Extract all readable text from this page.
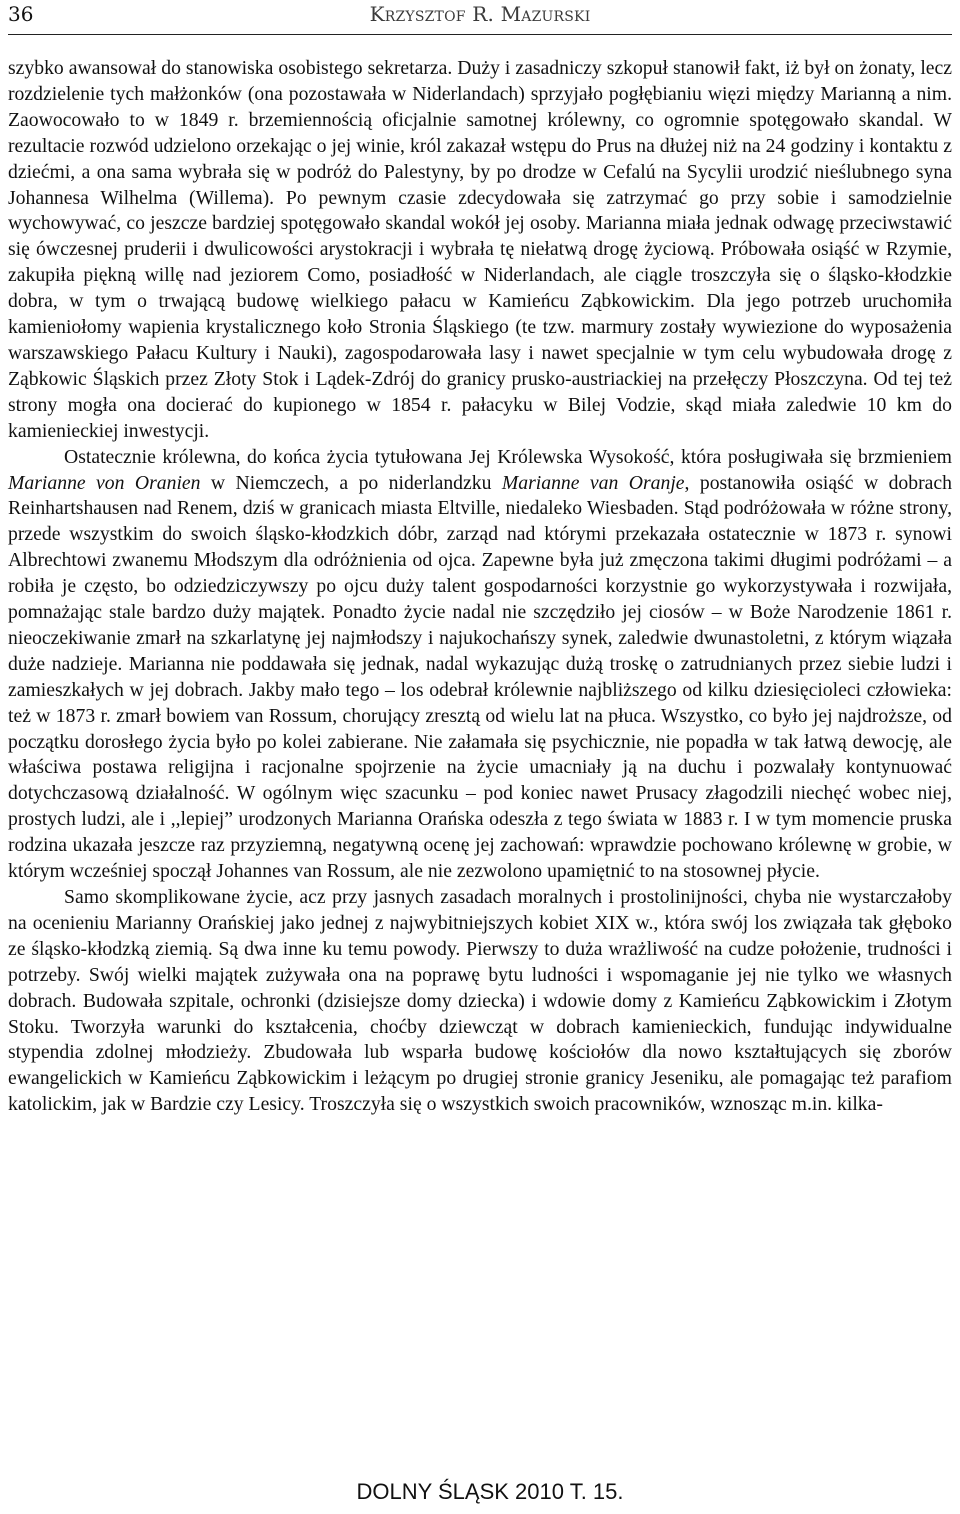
36	Krzysztof R. Mazurski

szybko awansował do stanowiska osobistego sekretarza. Duży i zasadniczy szkopuł stanowił fakt, iż był on żonaty, lecz rozdzielenie tych małżonków (ona pozostawała w Niderlandach) sprzyjało pogłębianiu więzi między Marianną a nim. Zaowocowało to w 1849 r. brzemiennością oficjalnie samotnej królewny, co ogromnie spotęgowało skandal. W rezultacie rozwód udzielono orzekając o jej winie, król zakazał wstępu do Prus na dłużej niż na 24 godziny i kontaktu z dziećmi, a ona sama wybrała się w podróż do Palestyny, by po drodze w Cefalú na Sycylii urodzić nieślubnego syna Johannesa Wilhelma (Willema). Po pewnym czasie zdecydowała się zatrzymać go przy sobie i samodzielnie wychowywać, co jeszcze bardziej spotęgowało skandal wokół jej osoby. Marianna miała jednak odwagę przeciwstawić się ówczesnej pruderii i dwulicowości arystokracji i wybrała tę niełatwą drogę życiową. Próbowała osiąść w Rzymie, zakupiła piękną willę nad jeziorem Como, posiadłość w Niderlandach, ale ciągle troszczyła się o śląsko-kłodzkie dobra, w tym o trwającą budowę wielkiego pałacu w Kamieńcu Ząbkowickim. Dla jego potrzeb uruchomiła kamieniołomy wapienia krystalicznego koło Stronia Śląskiego (te tzw. marmury zostały wywiezione do wyposażenia warszawskiego Pałacu Kultury i Nauki), zagospodarowała lasy i nawet specjalnie w tym celu wybudowała drogę z Ząbkowic Śląskich przez Złoty Stok i Lądek-Zdrój do granicy prusko-austriackiej na przełęczy Płoszczyna. Od tej też strony mogła ona docierać do kupionego w 1854 r. pałacyku w Bilej Vodzie, skąd miała zaledwie 10 km do kamienieckiej inwestycji.

Ostatecznie królewna, do końca życia tytułowana Jej Królewska Wysokość, która posługiwała się brzmieniem Marianne von Oranien w Niemczech, a po niderlandzku Marianne van Oranje, postanowiła osiąść w dobrach Reinhartshausen nad Renem, dziś w granicach miasta Eltville, niedaleko Wiesbaden. Stąd podróżowała w różne strony, przede wszystkim do swoich śląsko-kłodzkich dóbr, zarząd nad którymi przekazała ostatecznie w 1873 r. synowi Albrechtowi zwanemu Młodszym dla odróżnienia od ojca. Zapewne była już zmęczona takimi długimi podróżami – a robiła je często, bo odziedziczywszy po ojcu duży talent gospodarności korzystnie go wykorzystywała i rozwijała, pomnażając stale bardzo duży majątek. Ponadto życie nadal nie szczędziło jej ciosów – w Boże Narodzenie 1861 r. nieoczekiwanie zmarł na szkarlatynę jej najmłodszy i najukochańszy synek, zaledwie dwunastoletni, z którym wiązała duże nadzieje. Marianna nie poddawała się jednak, nadal wykazując dużą troskę o zatrudnianych przez siebie ludzi i zamieszkałych w jej dobrach. Jakby mało tego – los odebrał królewnie najbliższego od kilku dziesięcioleci człowieka: też w 1873 r. zmarł bowiem van Rossum, chorujący zresztą od wielu lat na płuca. Wszystko, co było jej najdroższe, od początku dorosłego życia było po kolei zabierane. Nie załamała się psychicznie, nie popadła w tak łatwą dewocję, ale właściwa postawa religijna i racjonalne spojrzenie na życie umacniały ją na duchu i pozwalały kontynuować dotychczasową działalność. W ogólnym więc szacunku – pod koniec nawet Prusacy złagodzili niechęć wobec niej, prostych ludzi, ale i ,,lepiej” urodzonych Marianna Orańska odeszła z tego świata w 1883 r. I w tym momencie pruska rodzina ukazała jeszcze raz przyziemną, negatywną ocenę jej zachowań: wprawdzie pochowano królewnę w grobie, w którym wcześniej spoczął Johannes van Rossum, ale nie zezwolono upamiętnić to na stosownej płycie.

Samo skomplikowane życie, acz przy jasnych zasadach moralnych i prostolinijności, chyba nie wystarczałoby na ocenieniu Marianny Orańskiej jako jednej z najwybitniejszych kobiet XIX w., która swój los związała tak głęboko ze śląsko-kłodzką ziemią. Są dwa inne ku temu powody. Pierwszy to duża wrażliwość na cudze położenie, trudności i potrzeby. Swój wielki majątek zużywała ona na poprawę bytu ludności i wspomaganie jej nie tylko we własnych dobrach. Budowała szpitale, ochronki (dzisiejsze domy dziecka) i wdowie domy z Kamieńcu Ząbkowickim i Złotym Stoku. Tworzyła warunki do kształcenia, choćby dziewcząt w dobrach kamienieckich, fundując indywidualne stypendia zdolnej młodzieży. Zbudowała lub wsparła budowę kościołów dla nowo kształtujących się zborów ewangelickich w Kamieńcu Ząbkowickim i leżącym po drugiej stronie granicy Jeseniku, ale pomagając też parafiom katolickim, jak w Bardzie czy Lesicy. Troszczyła się o wszystkich swoich pracowników, wznosząc m.in. kilka-

DOLNY ŚLĄSK 2010 T. 15.
